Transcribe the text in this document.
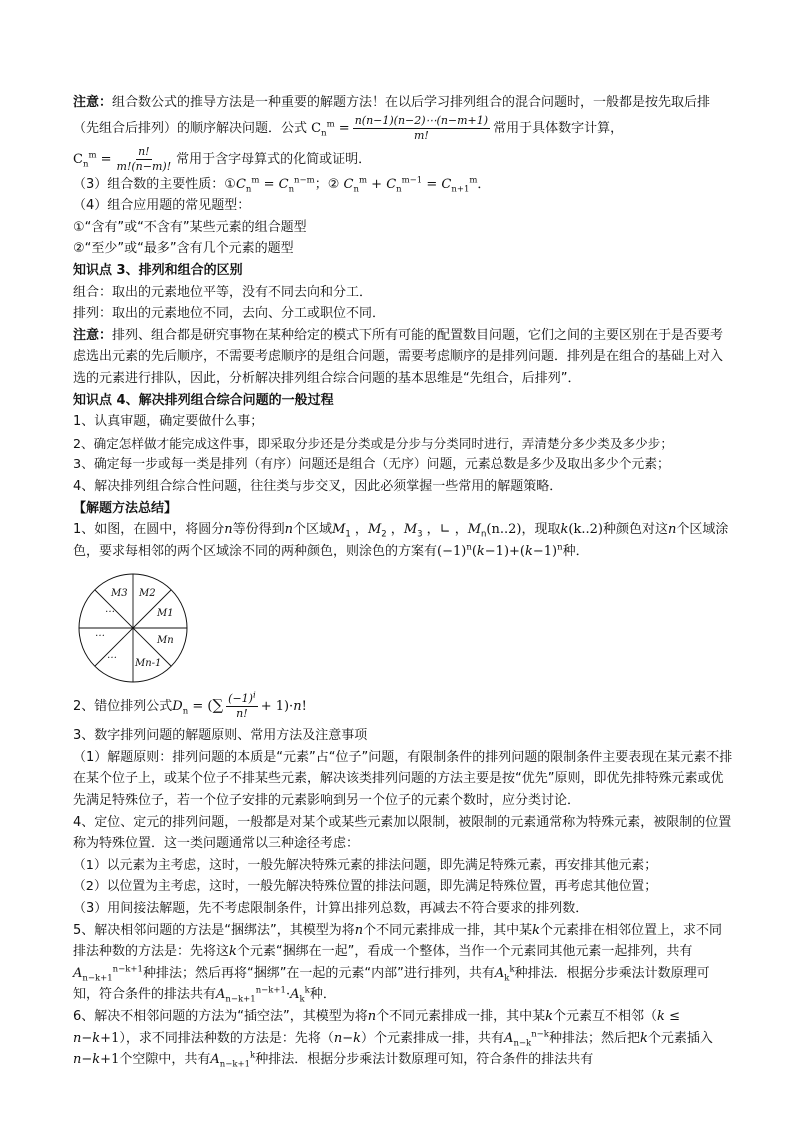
注意：组合数公式的推导方法是一种重要的解题方法！在以后学习排列组合的混合问题时，一般都是按先取后排（先组合后排列）的顺序解决问题．公式 $C_n^m = \frac{n(n-1)(n-2)\cdots(n-m+1)}{m!}$ 常用于具体数字计算，

$C_n^m = \frac{n!}{m!(n-m)!}$ 常用于含字母算式的化简或证明．

（3）组合数的主要性质：$①C_n^m = C_n^{n-m}$；② $C_n^m + C_n^{m-1} = C_{n+1}^m$．

（4）组合应用题的常见题型：

①“含有”或“不含有”某些元素的组合题型

②“至少”或“最多”含有几个元素的题型

知识点 3、排列和组合的区别

组合：取出的元素地位平等，没有不同去向和分工．

排列：取出的元素地位不同，去向、分工或职位不同．

注意：排列、组合都是研究事物在某种给定的模式下所有可能的配置数目问题，它们之间的主要区别在于是否要考虑选出元素的先后顺序，不需要考虑顺序的是组合问题，需要考虑顺序的是排列问题．排列是在组合的基础上对入选的元素进行排队，因此，分析解决排列组合综合问题的基本思维是“先组合，后排列”．

知识点 4、解决排列组合综合问题的一般过程

1、认真审题，确定要做什么事；

2、确定怎样做才能完成这件事，即采取分步还是分类或是分步与分类同时进行，弄清楚分多少类及多少步；

3、确定每一步或每一类是排列（有序）问题还是组合（无序）问题，元素总数是多少及取出多少个元素；

4、解决排列组合综合性问题，往往类与步交叉，因此必须掌握一些常用的解题策略．

【解题方法总结】

1、如图，在圆中，将圆分n等份得到n个区域$M_1$ ，$M_2$ ，$M_3$ ，∟ ，$M_n(n..2)$，现取k(k..2)种颜色对这n个区域涂色，要求每相邻的两个区域涂不同的两种颜色，则涂色的方案有$(-1)^n(k-1)+(k-1)^n$种．

M3 M2
M1
Mn
Mn-1
…
…
…

2、错位排列公式$D_n$ = (∑ $\frac{(-1)^i}{n!} + 1)\cdot n$!

3、数字排列问题的解题原则、常用方法及注意事项

（1）解题原则：排列问题的本质是“元素”占“位子”问题，有限制条件的排列问题的限制条件主要表现在某元素不排在某个位子上，或某个位子不排某些元素，解决该类排列问题的方法主要是按“优先”原则，即优先排特殊元素或优先满足特殊位子，若一个位子安排的元素影响到另一个位子的元素个数时，应分类讨论．

4、定位、定元的排列问题，一般都是对某个或某些元素加以限制，被限制的元素通常称为特殊元素，被限制的位置称为特殊位置．这一类问题通常以三种途径考虑：

（1）以元素为主考虑，这时，一般先解决特殊元素的排法问题，即先满足特殊元素，再安排其他元素；

（2）以位置为主考虑，这时，一般先解决特殊位置的排法问题，即先满足特殊位置，再考虑其他位置；

（3）用间接法解题，先不考虑限制条件，计算出排列总数，再减去不符合要求的排列数．

5、解决相邻问题的方法是“捆绑法”，其模型为将n个不同元素排成一排，其中某k个元素排在相邻位置上，求不同排法种数的方法是：先将这k个元素“捆绑在一起”，看成一个整体，当作一个元素同其他元素一起排列，共有$A_{n-k+1}^{n-k+1}$种排法；然后再将“捆绑”在一起的元素“内部”进行排列，共有$A_k^k$种排法．根据分步乘法计数原理可知，符合条件的排法共有$A_{n-k+1}^{n-k+1}\cdot A_k^k$种．

6、解决不相邻问题的方法为“插空法”，其模型为将n个不同元素排成一排，其中某k个元素互不相邻（k ≤ n−k+1），求不同排法种数的方法是：先将（n−k）个元素排成一排，共有$A_{n-k}^{n-k}$种排法；然后把k个元素插入n−k+1个空隙中，共有$A_{n-k+1}^k$种排法．根据分步乘法计数原理可知，符合条件的排法共有
